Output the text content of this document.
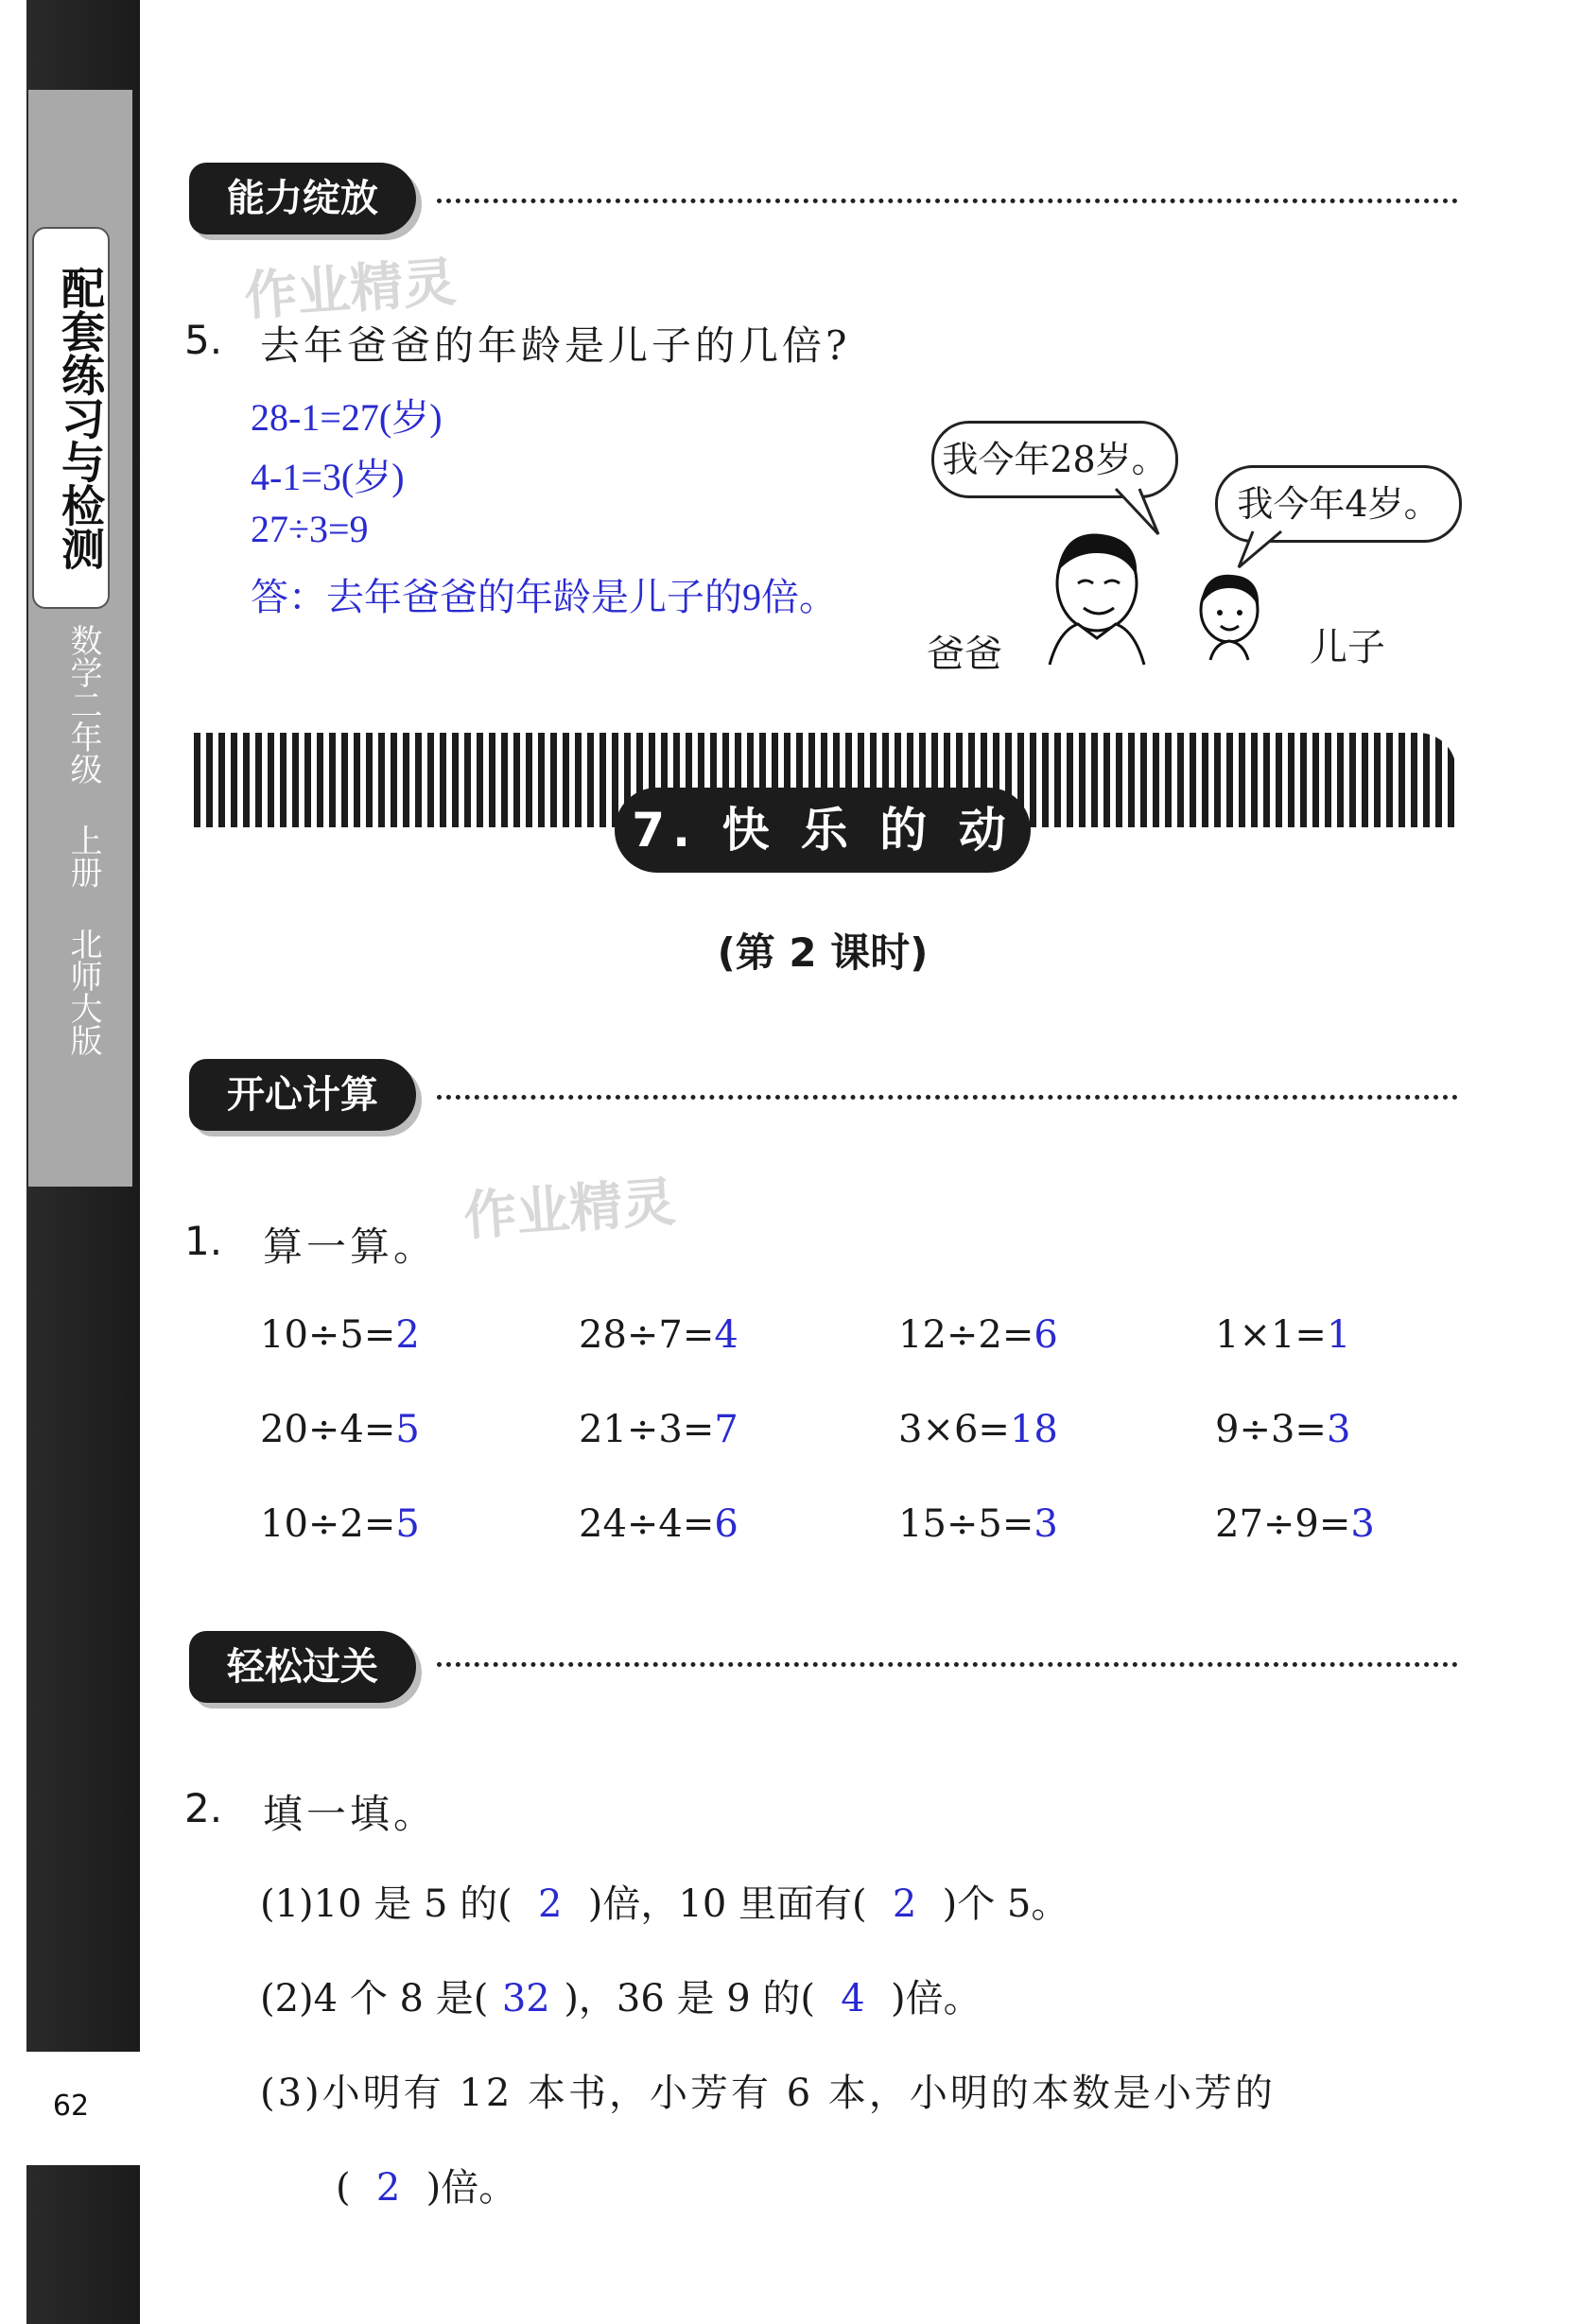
配套练习与检测
数学二年级  上册  北师大版
62
能力绽放
作业精灵
5. 去年爸爸的年龄是儿子的几倍?
28-1=27(岁)
4-1=3(岁)
27÷3=9
答：去年爸爸的年龄是儿子的9倍。
我今年28岁。
我今年4岁。
爸爸	儿子
7. 快 乐 的 动 物
(第 2 课时)
开心计算
作业精灵
1. 算一算。
10÷5=2	28÷7=4	12÷2=6	1×1=1
20÷4=5	21÷3=7	3×6=18	9÷3=3
10÷2=5	24÷4=6	15÷5=3	27÷9=3
轻松过关
2. 填一填。
(1)10 是 5 的( 2 )倍，10 里面有( 2 )个 5。
(2)4 个 8 是( 32 )，36 是 9 的( 4 )倍。
(3)小明有 12 本书，小芳有 6 本，小明的本数是小芳的
( 2 )倍。
